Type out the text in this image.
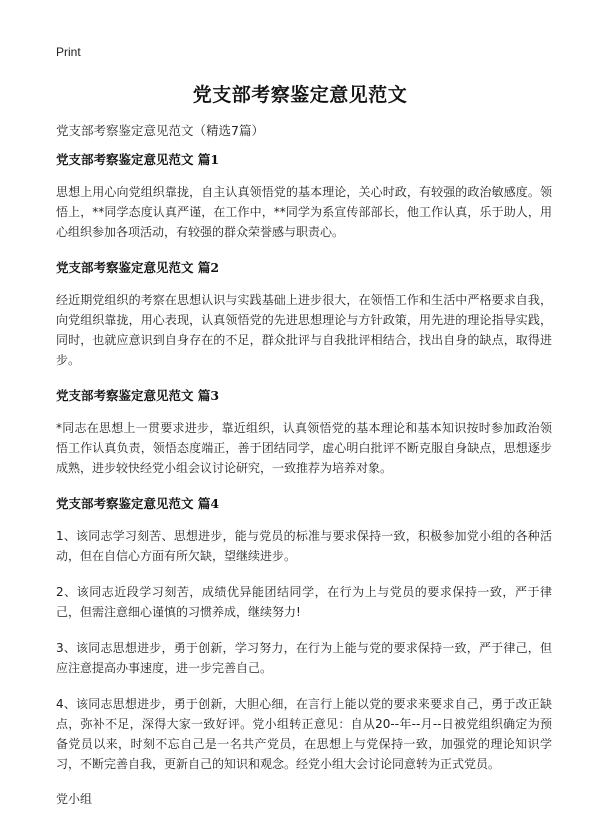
Print
党支部考察鉴定意见范文
党支部考察鉴定意见范文（精选7篇）
党支部考察鉴定意见范文 篇1

思想上用心向党组织靠拢，自主认真领悟党的基本理论，关心时政，有较强的政治敏感度。领悟上，**同学态度认真严谨，在工作中，**同学为系宣传部部长，他工作认真，乐于助人，用心组织参加各项活动，有较强的群众荣誉感与职责心。

党支部考察鉴定意见范文 篇2

经近期党组织的考察在思想认识与实践基础上进步很大，在领悟工作和生活中严格要求自我，向党组织靠拢，用心表现，认真领悟党的先进思想理论与方针政策，用先进的理论指导实践，同时，也就应意识到自身存在的不足，群众批评与自我批评相结合，找出自身的缺点，取得进步。

党支部考察鉴定意见范文 篇3

*同志在思想上一贯要求进步，靠近组织，认真领悟党的基本理论和基本知识按时参加政治领悟工作认真负责，领悟态度端正，善于团结同学，虚心明白批评不断克服自身缺点，思想逐步成熟，进步较快经党小组会议讨论研究，一致推荐为培养对象。

党支部考察鉴定意见范文 篇4

1、该同志学习刻苦、思想进步，能与党员的标准与要求保持一致，积极参加党小组的各种活动，但在自信心方面有所欠缺，望继续进步。

2、该同志近段学习刻苦，成绩优异能团结同学，在行为上与党员的要求保持一致，严于律己，但需注意细心谨慎的习惯养成，继续努力!

3、该同志思想进步，勇于创新，学习努力，在行为上能与党的要求保持一致，严于律己，但应注意提高办事速度，进一步完善自己。

4、该同志思想进步，勇于创新，大胆心细，在言行上能以党的要求来要求自己，勇于改正缺点，弥补不足，深得大家一致好评。党小组转正意见：自从20--年--月--日被党组织确定为预备党员以来，时刻不忘自己是一名共产党员，在思想上与党保持一致，加强党的理论知识学习，不断完善自我，更新自己的知识和观念。经党小组大会讨论同意转为正式党员。

党小组
